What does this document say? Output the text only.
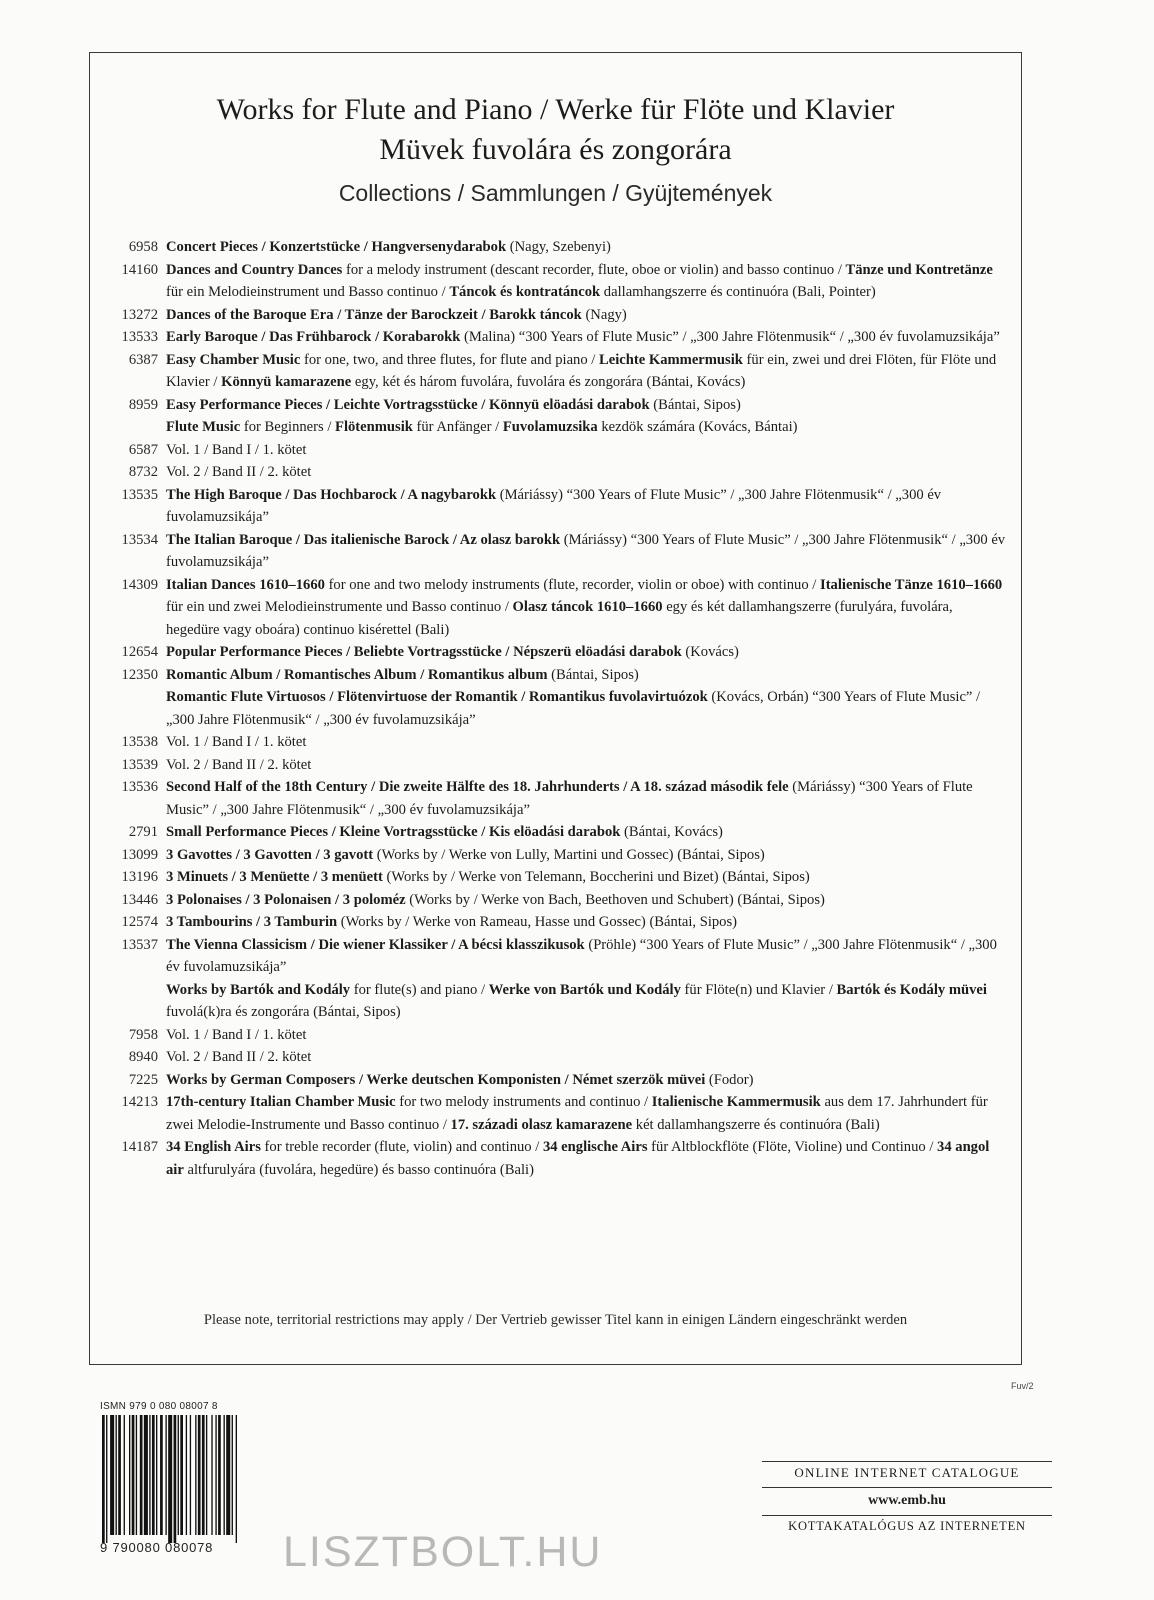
Works for Flute and Piano / Werke für Flöte und Klavier
Müvek fuvolára és zongorára
Collections / Sammlungen / Gyüjtemények
6958 Concert Pieces / Konzertstücke / Hangversenydarabok (Nagy, Szebenyi)
14160 Dances and Country Dances for a melody instrument (descant recorder, flute, oboe or violin) and basso continuo / Tänze und Kontretänze für ein Melodieinstrument und Basso continuo / Táncok és kontratáncok dallamhangszerre és continuóra (Bali, Pointer)
13272 Dances of the Baroque Era / Tänze der Barockzeit / Barokk táncok (Nagy)
13533 Early Baroque / Das Frühbarock / Korabarokk (Malina) “300 Years of Flute Music” / „300 Jahre Flötenmusik“ / „300 év fuvolamuzsikája”
6387 Easy Chamber Music for one, two, and three flutes, for flute and piano / Leichte Kammermusik für ein, zwei und drei Flöten, für Flöte und Klavier / Könnyü kamarazene egy, két és három fuvolára, fuvolára és zongorára (Bántai, Kovács)
8959 Easy Performance Pieces / Leichte Vortragsstücke / Könnyü elöadási darabok (Bántai, Sipos)
Flute Music for Beginners / Flötenmusik für Anfänger / Fuvolamuzsika kezdök számára (Kovács, Bántai)
6587 Vol. 1 / Band I / 1. kötet
8732 Vol. 2 / Band II / 2. kötet
13535 The High Baroque / Das Hochbarock / A nagybarokk (Máriássy) “300 Years of Flute Music” / „300 Jahre Flötenmusik“ / „300 év fuvolamuzsikája”
13534 The Italian Baroque / Das italienische Barock / Az olasz barokk (Máriássy) “300 Years of Flute Music” / „300 Jahre Flötenmusik“ / „300 év fuvolamuzsikája”
14309 Italian Dances 1610–1660 for one and two melody instruments (flute, recorder, violin or oboe) with continuo / Italienische Tänze 1610–1660 für ein und zwei Melodieinstrumente und Basso continuo / Olasz táncok 1610–1660 egy és két dallamhangszerre (furulyára, fuvolára, hegedüre vagy oboára) continuo kisérettel (Bali)
12654 Popular Performance Pieces / Beliebte Vortragsstücke / Népszerü elöadási darabok (Kovács)
12350 Romantic Album / Romantisches Album / Romantikus album (Bántai, Sipos)
Romantic Flute Virtuosos / Flötenvirtuose der Romantik / Romantikus fuvolavirtuózok (Kovács, Orbán) “300 Years of Flute Music” / „300 Jahre Flötenmusik“ / „300 év fuvolamuzsikája”
13538 Vol. 1 / Band I / 1. kötet
13539 Vol. 2 / Band II / 2. kötet
13536 Second Half of the 18th Century / Die zweite Hälfte des 18. Jahrhunderts / A 18. század második fele (Máriássy) “300 Years of Flute Music” / „300 Jahre Flötenmusik“ / „300 év fuvolamuzsikája”
2791 Small Performance Pieces / Kleine Vortragsstücke / Kis elöadási darabok (Bántai, Kovács)
13099 3 Gavottes / 3 Gavotten / 3 gavott (Works by / Werke von Lully, Martini und Gossec) (Bántai, Sipos)
13196 3 Minuets / 3 Menüette / 3 menüett (Works by / Werke von Telemann, Boccherini und Bizet) (Bántai, Sipos)
13446 3 Polonaises / 3 Polonaisen / 3 poloméz (Works by / Werke von Bach, Beethoven und Schubert) (Bántai, Sipos)
12574 3 Tambourins / 3 Tamburin (Works by / Werke von Rameau, Hasse und Gossec) (Bántai, Sipos)
13537 The Vienna Classicism / Die wiener Klassiker / A bécsi klasszikusok (Pröhle) “300 Years of Flute Music” / „300 Jahre Flötenmusik“ / „300 év fuvolamuzsikája”
Works by Bartók and Kodály for flute(s) and piano / Werke von Bartók und Kodály für Flöte(n) und Klavier / Bartók és Kodály müvei fuvolá(k)ra és zongorára (Bántai, Sipos)
7958 Vol. 1 / Band I / 1. kötet
8940 Vol. 2 / Band II / 2. kötet
7225 Works by German Composers / Werke deutschen Komponisten / Német szerzök müvei (Fodor)
14213 17th-century Italian Chamber Music for two melody instruments and continuo / Italienische Kammermusik aus dem 17. Jahrhundert für zwei Melodie-Instrumente und Basso continuo / 17. századi olasz kamarazene két dallamhangszerre és continuóra (Bali)
14187 34 English Airs for treble recorder (flute, violin) and continuo / 34 englische Airs für Altblockflöte (Flöte, Violine) und Continuo / 34 angol air altfurulyára (fuvolára, hegedüre) és basso continuóra (Bali)
Please note, territorial restrictions may apply / Der Vertrieb gewisser Titel kann in einigen Ländern eingeschränkt werden
Fuv/2
ISMN 979 0 080 08007 8
9 790080 080078 LISZTBOLT.HU
ONLINE INTERNET CATALOGUE
www.emb.hu
KOTTAKATALÓGUS AZ INTERNETEN
